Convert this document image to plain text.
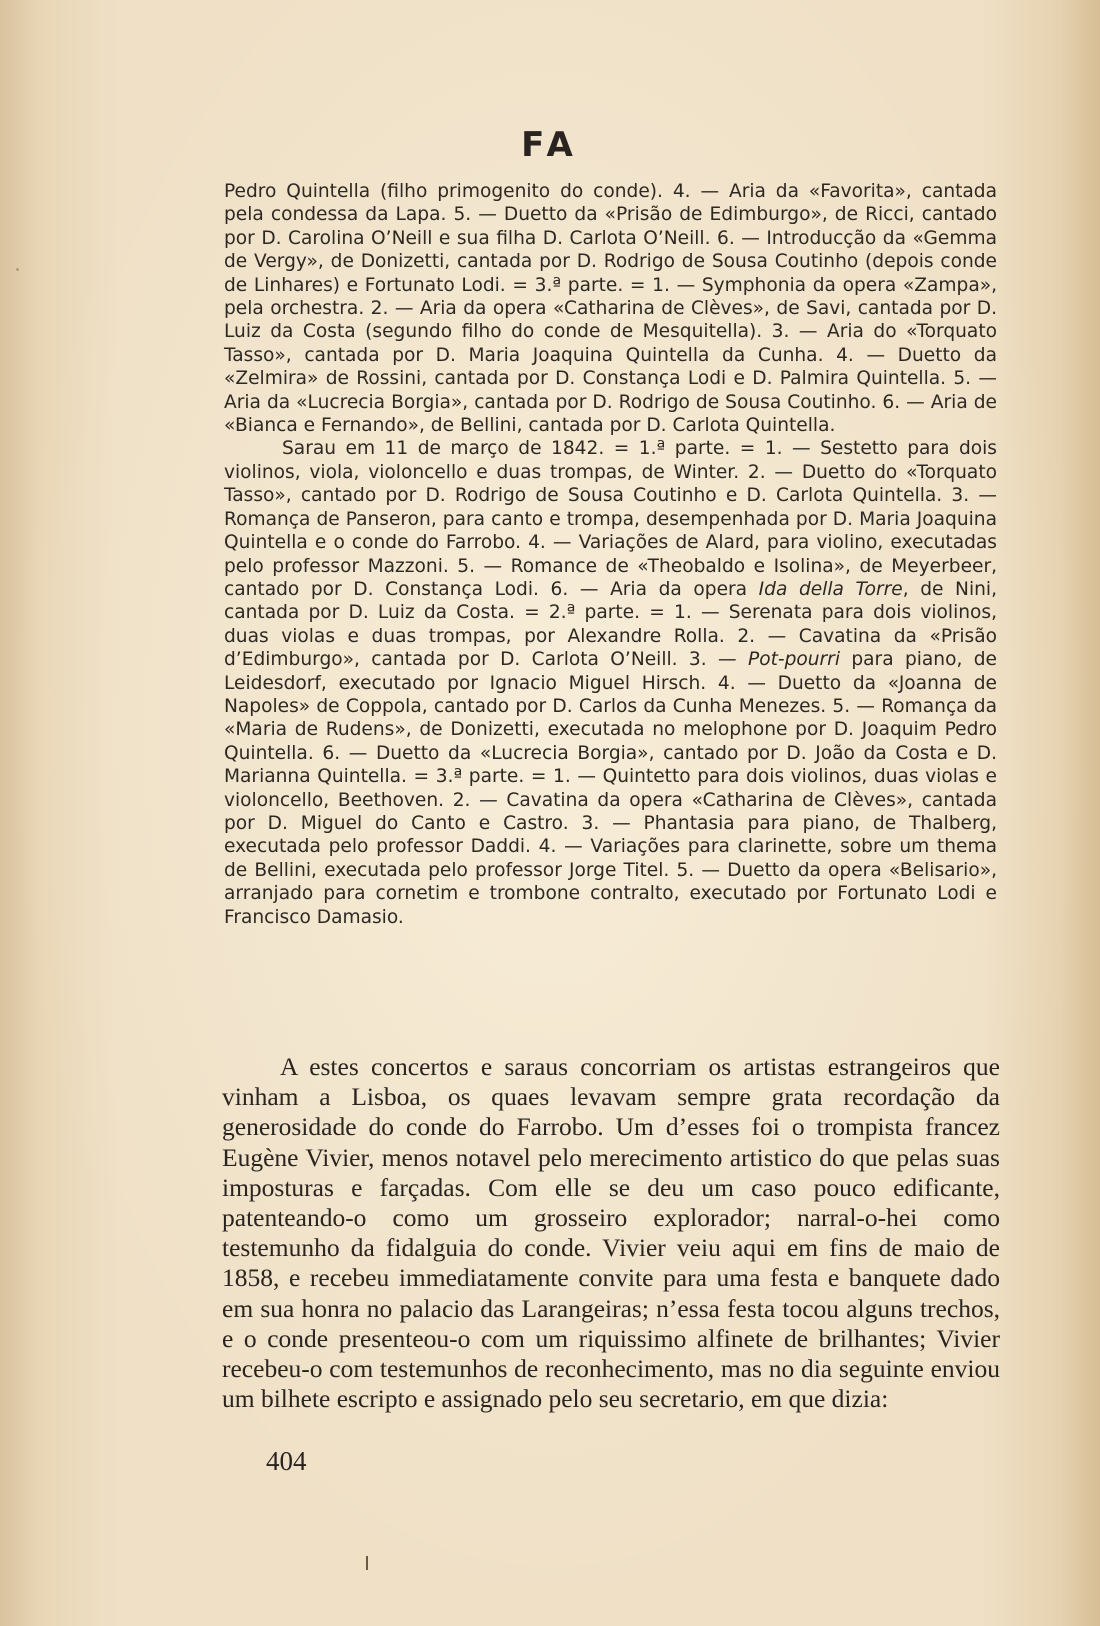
FA

Pedro Quintella (filho primogenito do conde). 4. — Aria da «Favorita», cantada pela condessa da Lapa. 5. — Duetto da «Prisão de Edimburgo», de Ricci, cantado por D. Carolina O’Neill e sua filha D. Carlota O’Neill. 6. — Introducção da «Gemma de Vergy», de Donizetti, cantada por D. Rodrigo de Sousa Coutinho (depois conde de Linhares) e Fortunato Lodi. = 3.ª parte. = 1. — Symphonia da opera «Zampa», pela orchestra. 2. — Aria da opera «Catharina de Clèves», de Savi, cantada por D. Luiz da Costa (segundo filho do conde de Mesquitella). 3. — Aria do «Torquato Tasso», cantada por D. Maria Joaquina Quintella da Cunha. 4. — Duetto da «Zelmira» de Rossini, cantada por D. Constança Lodi e D. Palmira Quintella. 5. — Aria da «Lucrecia Borgia», cantada por D. Rodrigo de Sousa Coutinho. 6. — Aria de «Bianca e Fernando», de Bellini, cantada por D. Carlota Quintella.

Sarau em 11 de março de 1842. = 1.ª parte. = 1. — Sestetto para dois violinos, viola, violoncello e duas trompas, de Winter. 2. — Duetto do «Torquato Tasso», cantado por D. Rodrigo de Sousa Coutinho e D. Carlota Quintella. 3. — Romança de Panseron, para canto e trompa, desempenhada por D. Maria Joaquina Quintella e o conde do Farrobo. 4. — Variações de Alard, para violino, executadas pelo professor Mazzoni. 5. — Romance de «Theobaldo e Isolina», de Meyerbeer, cantado por D. Constança Lodi. 6. — Aria da opera Ida della Torre, de Nini, cantada por D. Luiz da Costa. = 2.ª parte. = 1. — Serenata para dois violinos, duas violas e duas trompas, por Alexandre Rolla. 2. — Cavatina da «Prisão d’Edimburgo», cantada por D. Carlota O’Neill. 3. — Pot-pourri para piano, de Leidesdorf, executado por Ignacio Miguel Hirsch. 4. — Duetto da «Joanna de Napoles» de Coppola, cantado por D. Carlos da Cunha Menezes. 5. — Romança da «Maria de Rudens», de Donizetti, executada no melophone por D. Joaquim Pedro Quintella. 6. — Duetto da «Lucrecia Borgia», cantado por D. João da Costa e D. Marianna Quintella. = 3.ª parte. = 1. — Quintetto para dois violinos, duas violas e violoncello, Beethoven. 2. — Cavatina da opera «Catharina de Clèves», cantada por D. Miguel do Canto e Castro. 3. — Phantasia para piano, de Thalberg, executada pelo professor Daddi. 4. — Variações para clarinette, sobre um thema de Bellini, executada pelo professor Jorge Titel. 5. — Duetto da opera «Belisario», arranjado para cornetim e trombone contralto, executado por Fortunato Lodi e Francisco Damasio.

A estes concertos e saraus concorriam os artistas estrangeiros que vinham a Lisboa, os quaes levavam sempre grata recordação da generosidade do conde do Farrobo. Um d’esses foi o trompista francez Eugène Vivier, menos notavel pelo merecimento artistico do que pelas suas imposturas e farçadas. Com elle se deu um caso pouco edificante, patenteando-o como um grosseiro explorador; narral-o-hei como testemunho da fidalguia do conde. Vivier veiu aqui em fins de maio de 1858, e recebeu immediatamente convite para uma festa e banquete dado em sua honra no palacio das Larangeiras; n’essa festa tocou alguns trechos, e o conde presenteou-o com um riquissimo alfinete de brilhantes; Vivier recebeu-o com testemunhos de reconhecimento, mas no dia seguinte enviou um bilhete escripto e assignado pelo seu secretario, em que dizia:

404
